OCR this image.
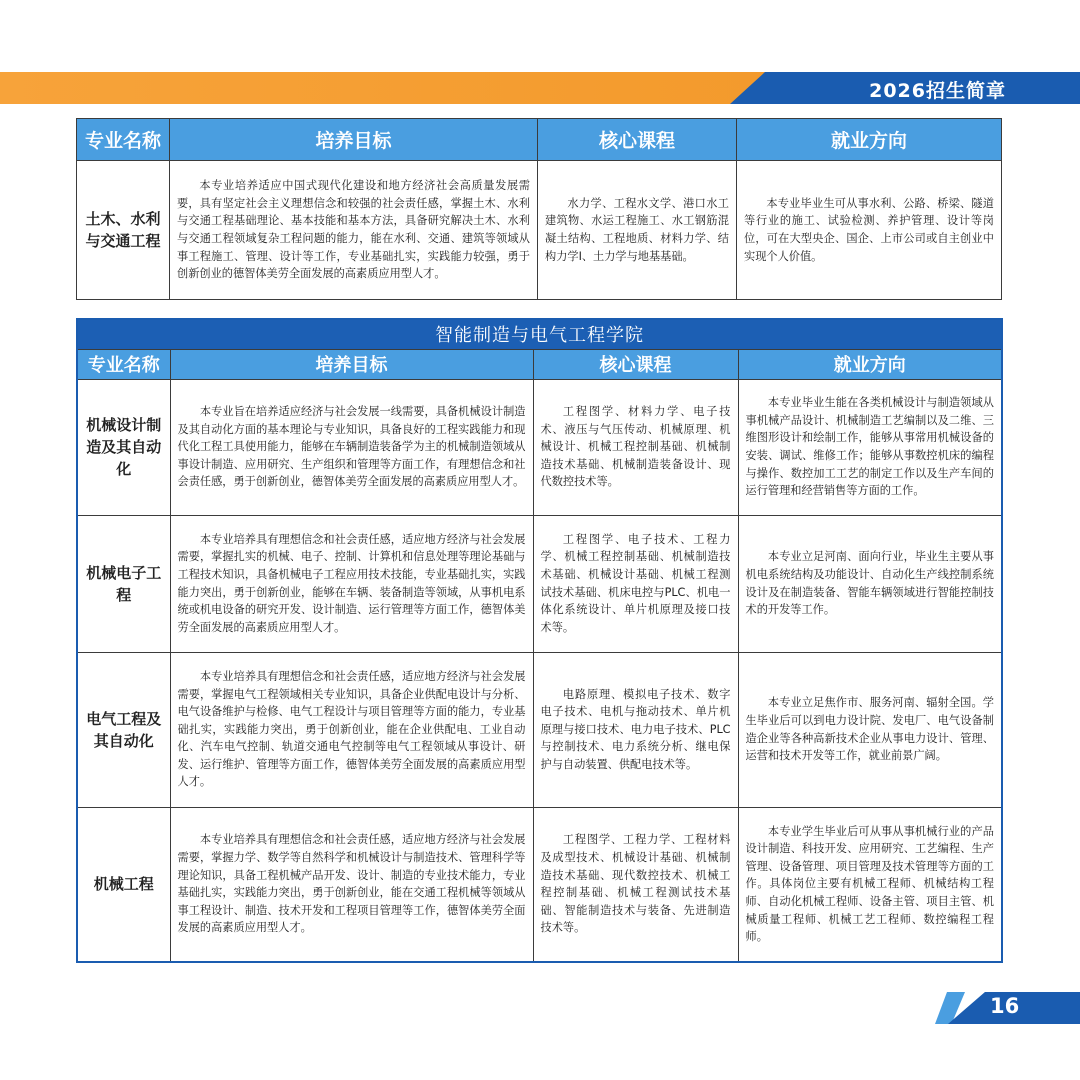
2026招生简章
专业名称	培养目标	核心课程	就业方向
土木、水利与交通工程	本专业培养适应中国式现代化建设和地方经济社会高质量发展需要，具有坚定社会主义理想信念和较强的社会责任感，掌握土木、水利与交通工程基础理论、基本技能和基本方法，具备研究解决土木、水利与交通工程领域复杂工程问题的能力，能在水利、交通、建筑等领域从事工程施工、管理、设计等工作，专业基础扎实，实践能力较强，勇于创新创业的德智体美劳全面发展的高素质应用型人才。	水力学、工程水文学、港口水工建筑物、水运工程施工、水工钢筋混凝土结构、工程地质、材料力学、结构力学Ⅰ、土力学与地基基础。	本专业毕业生可从事水利、公路、桥梁、隧道等行业的施工、试验检测、养护管理、设计等岗位，可在大型央企、国企、上市公司或自主创业中实现个人价值。
智能制造与电气工程学院			
专业名称	培养目标	核心课程	就业方向
机械设计制造及其自动化	本专业旨在培养适应经济与社会发展一线需要，具备机械设计制造及其自动化方面的基本理论与专业知识，具备良好的工程实践能力和现代化工程工具使用能力，能够在车辆制造装备学为主的机械制造领域从事设计制造、应用研究、生产组织和管理等方面工作，有理想信念和社会责任感，勇于创新创业，德智体美劳全面发展的高素质应用型人才。	工程图学、材料力学、电子技术、液压与气压传动、机械原理、机械设计、机械工程控制基础、机械制造技术基础、机械制造装备设计、现代数控技术等。	本专业毕业生能在各类机械设计与制造领域从事机械产品设计、机械制造工艺编制以及二维、三维图形设计和绘制工作，能够从事常用机械设备的安装、调试、维修工作；能够从事数控机床的编程与操作、数控加工工艺的制定工作以及生产车间的运行管理和经营销售等方面的工作。
机械电子工程	本专业培养具有理想信念和社会责任感，适应地方经济与社会发展需要，掌握扎实的机械、电子、控制、计算机和信息处理等理论基础与工程技术知识，具备机械电子工程应用技术技能，专业基础扎实，实践能力突出，勇于创新创业，能够在车辆、装备制造等领域，从事机电系统或机电设备的研究开发、设计制造、运行管理等方面工作，德智体美劳全面发展的高素质应用型人才。	工程图学、电子技术、工程力学、机械工程控制基础、机械制造技术基础、机械设计基础、机械工程测试技术基础、机床电控与PLC、机电一体化系统设计、单片机原理及接口技术等。	本专业立足河南、面向行业，毕业生主要从事机电系统结构及功能设计、自动化生产线控制系统设计及在制造装备、智能车辆领域进行智能控制技术的开发等工作。
电气工程及其自动化	本专业培养具有理想信念和社会责任感，适应地方经济与社会发展需要，掌握电气工程领域相关专业知识，具备企业供配电设计与分析、电气设备维护与检修、电气工程设计与项目管理等方面的能力，专业基础扎实，实践能力突出，勇于创新创业，能在企业供配电、工业自动化、汽车电气控制、轨道交通电气控制等电气工程领域从事设计、研发、运行维护、管理等方面工作，德智体美劳全面发展的高素质应用型人才。	电路原理、模拟电子技术、数字电子技术、电机与拖动技术、单片机原理与接口技术、电力电子技术、PLC与控制技术、电力系统分析、继电保护与自动装置、供配电技术等。	本专业立足焦作市、服务河南、辐射全国。学生毕业后可以到电力设计院、发电厂、电气设备制造企业等各种高新技术企业从事电力设计、管理、运营和技术开发等工作，就业前景广阔。
机械工程	本专业培养具有理想信念和社会责任感，适应地方经济与社会发展需要，掌握力学、数学等自然科学和机械设计与制造技术、管理科学等理论知识，具备工程机械产品开发、设计、制造的专业技术能力，专业基础扎实，实践能力突出，勇于创新创业，能在交通工程机械等领域从事工程设计、制造、技术开发和工程项目管理等工作，德智体美劳全面发展的高素质应用型人才。	工程图学、工程力学、工程材料及成型技术、机械设计基础、机械制造技术基础、现代数控技术、机械工程控制基础、机械工程测试技术基础、智能制造技术与装备、先进制造技术等。	本专业学生毕业后可从事从事机械行业的产品设计制造、科技开发、应用研究、工艺编程、生产管理、设备管理、项目管理及技术管理等方面的工作。具体岗位主要有机械工程师、机械结构工程师、自动化机械工程师、设备主管、项目主管、机械质量工程师、机械工艺工程师、数控编程工程师。
16
